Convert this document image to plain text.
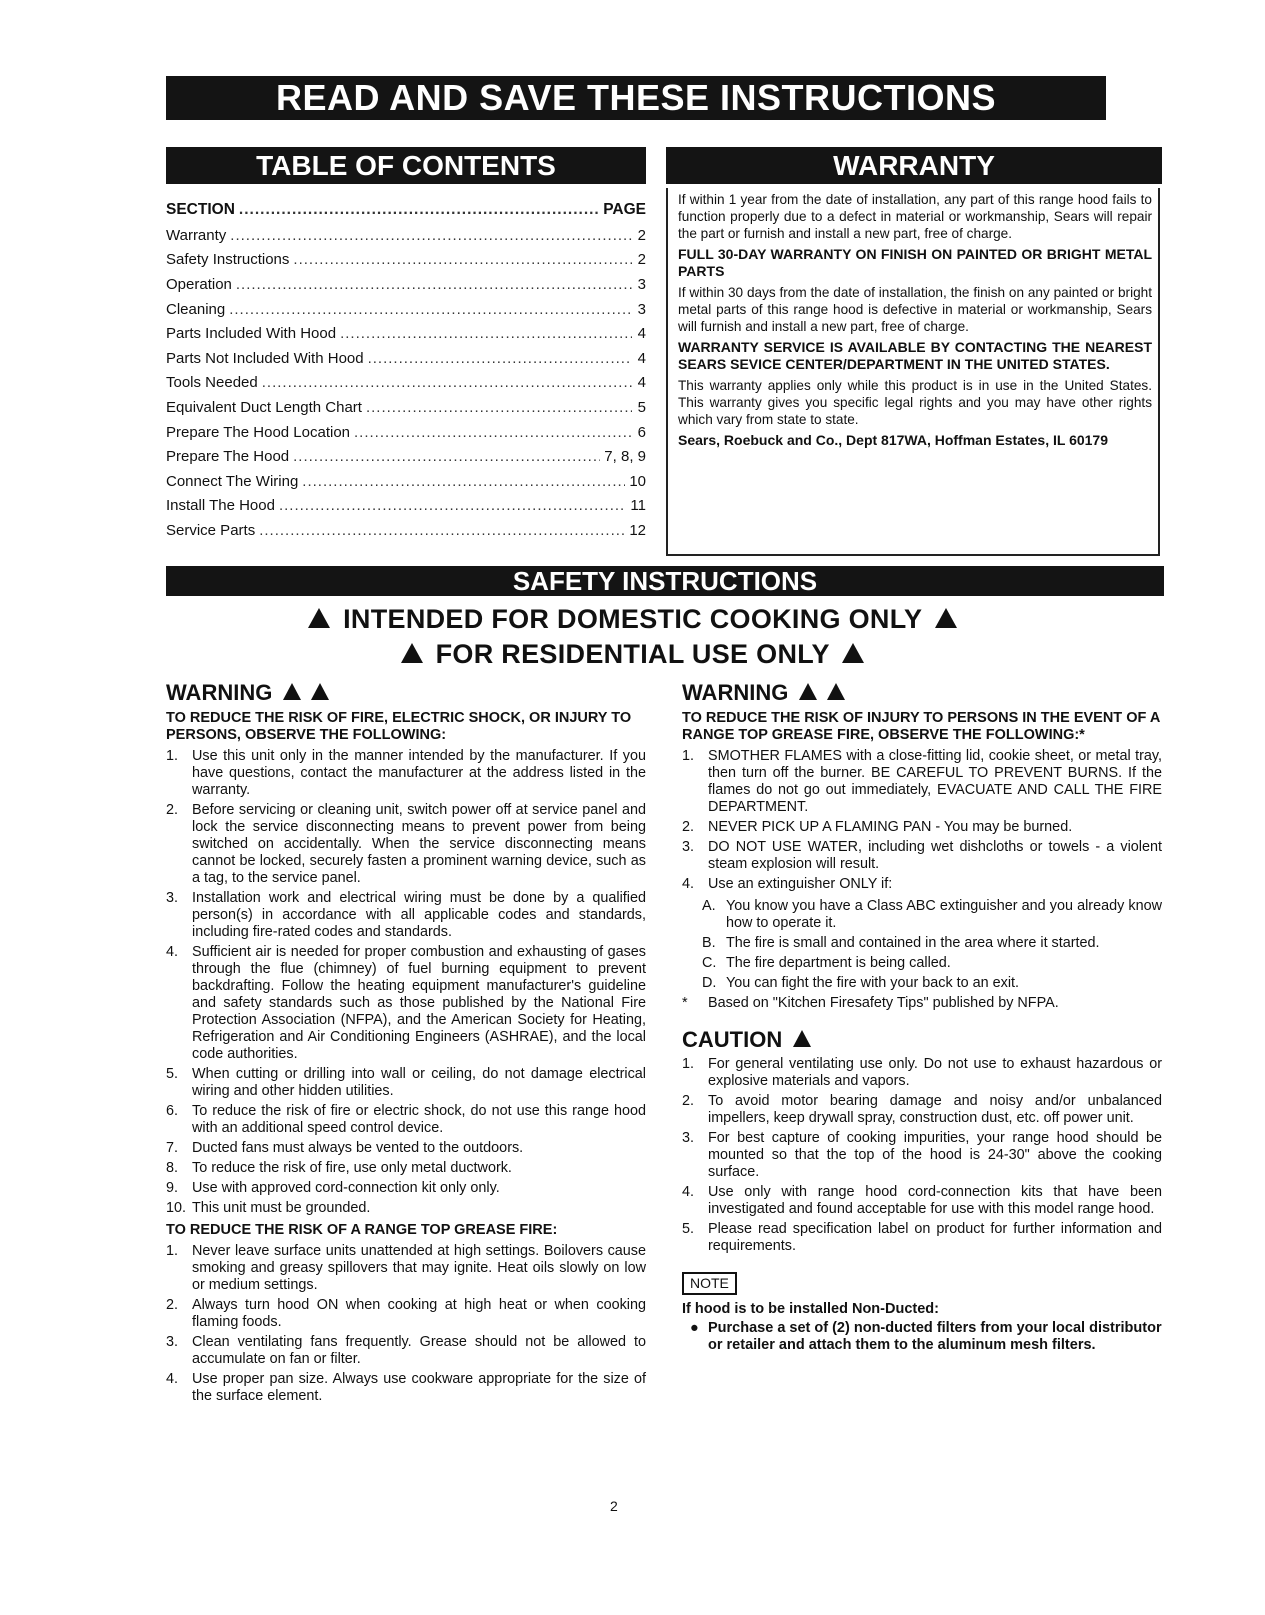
READ AND SAVE THESE INSTRUCTIONS
TABLE OF CONTENTS	WARRANTY
SECTION .....	PAGE
Warranty .....	2
Safety Instructions .....	2
Operation .....	3
Cleaning .....	3
Parts Included With Hood .....	4
Parts Not Included With Hood .....	4
Tools Needed .....	4
Equivalent Duct Length Chart .....	5
Prepare The Hood Location .....	6
Prepare The Hood .....	7, 8, 9
Connect The Wiring .....	10
Install The Hood .....	11
Service Parts .....	12

If within 1 year from the date of installation, any part of this range hood fails to function properly due to a defect in material or workmanship, Sears will repair the part or furnish and install a new part, free of charge.

FULL 30-DAY WARRANTY ON FINISH ON PAINTED OR BRIGHT METAL PARTS

If within 30 days from the date of installation, the finish on any painted or bright metal parts of this range hood is defective in material or workmanship, Sears will furnish and install a new part, free of charge.

WARRANTY SERVICE IS AVAILABLE BY CONTACTING THE NEAREST SEARS SEVICE CENTER/DEPARTMENT IN THE UNITED STATES.

This warranty applies only while this product is in use in the United States. This warranty gives you specific legal rights and you may have other rights which vary from state to state.

Sears, Roebuck and Co., Dept 817WA, Hoffman Estates, IL 60179

SAFETY INSTRUCTIONS
INTENDED FOR DOMESTIC COOKING ONLY
FOR RESIDENTIAL USE ONLY
WARNING

TO REDUCE THE RISK OF FIRE, ELECTRIC SHOCK, OR INJURY TO PERSONS, OBSERVE THE FOLLOWING:

1. Use this unit only in the manner intended by the manufacturer. If you have questions, contact the manufacturer at the address listed in the warranty.
2. Before servicing or cleaning unit, switch power off at service panel and lock the service disconnecting means to prevent power from being switched on accidentally. When the service disconnecting means cannot be locked, securely fasten a prominent warning device, such as a tag, to the service panel.
3. Installation work and electrical wiring must be done by a qualified person(s) in accordance with all applicable codes and standards, including fire-rated codes and standards.
4. Sufficient air is needed for proper combustion and exhausting of gases through the flue (chimney) of fuel burning equipment to prevent backdrafting. Follow the heating equipment manufacturer's guideline and safety standards such as those published by the National Fire Protection Association (NFPA), and the American Society for Heating, Refrigeration and Air Conditioning Engineers (ASHRAE), and the local code authorities.
5. When cutting or drilling into wall or ceiling, do not damage electrical wiring and other hidden utilities.
6. To reduce the risk of fire or electric shock, do not use this range hood with an additional speed control device.
7. Ducted fans must always be vented to the outdoors.
8. To reduce the risk of fire, use only metal ductwork.
9. Use with approved cord-connection kit only only.
10. This unit must be grounded.

TO REDUCE THE RISK OF A RANGE TOP GREASE FIRE:

1. Never leave surface units unattended at high settings. Boilovers cause smoking and greasy spillovers that may ignite. Heat oils slowly on low or medium settings.
2. Always turn hood ON when cooking at high heat or when cooking flaming foods.
3. Clean ventilating fans frequently. Grease should not be allowed to accumulate on fan or filter.
4. Use proper pan size. Always use cookware appropriate for the size of the surface element.
WARNING

TO REDUCE THE RISK OF INJURY TO PERSONS IN THE EVENT OF A RANGE TOP GREASE FIRE, OBSERVE THE FOLLOWING:*

1. SMOTHER FLAMES with a close-fitting lid, cookie sheet, or metal tray, then turn off the burner. BE CAREFUL TO PREVENT BURNS. If the flames do not go out immediately, EVACUATE AND CALL THE FIRE DEPARTMENT.
2. NEVER PICK UP A FLAMING PAN - You may be burned.
3. DO NOT USE WATER, including wet dishcloths or towels - a violent steam explosion will result.
4. Use an extinguisher ONLY if:
A. You know you have a Class ABC extinguisher and you already know how to operate it.
B. The fire is small and contained in the area where it started.
C. The fire department is being called.
D. You can fight the fire with your back to an exit.
* Based on "Kitchen Firesafety Tips" published by NFPA.
CAUTION
1. For general ventilating use only. Do not use to exhaust hazardous or explosive materials and vapors.
2. To avoid motor bearing damage and noisy and/or unbalanced impellers, keep drywall spray, construction dust, etc. off power unit.
3. For best capture of cooking impurities, your range hood should be mounted so that the top of the hood is 24-30" above the cooking surface.
4. Use only with range hood cord-connection kits that have been investigated and found acceptable for use with this model range hood.
5. Please read specification label on product for further information and requirements.
NOTE

If hood is to be installed Non-Ducted:

● Purchase a set of (2) non-ducted filters from your local distributor or retailer and attach them to the aluminum mesh filters.
2
